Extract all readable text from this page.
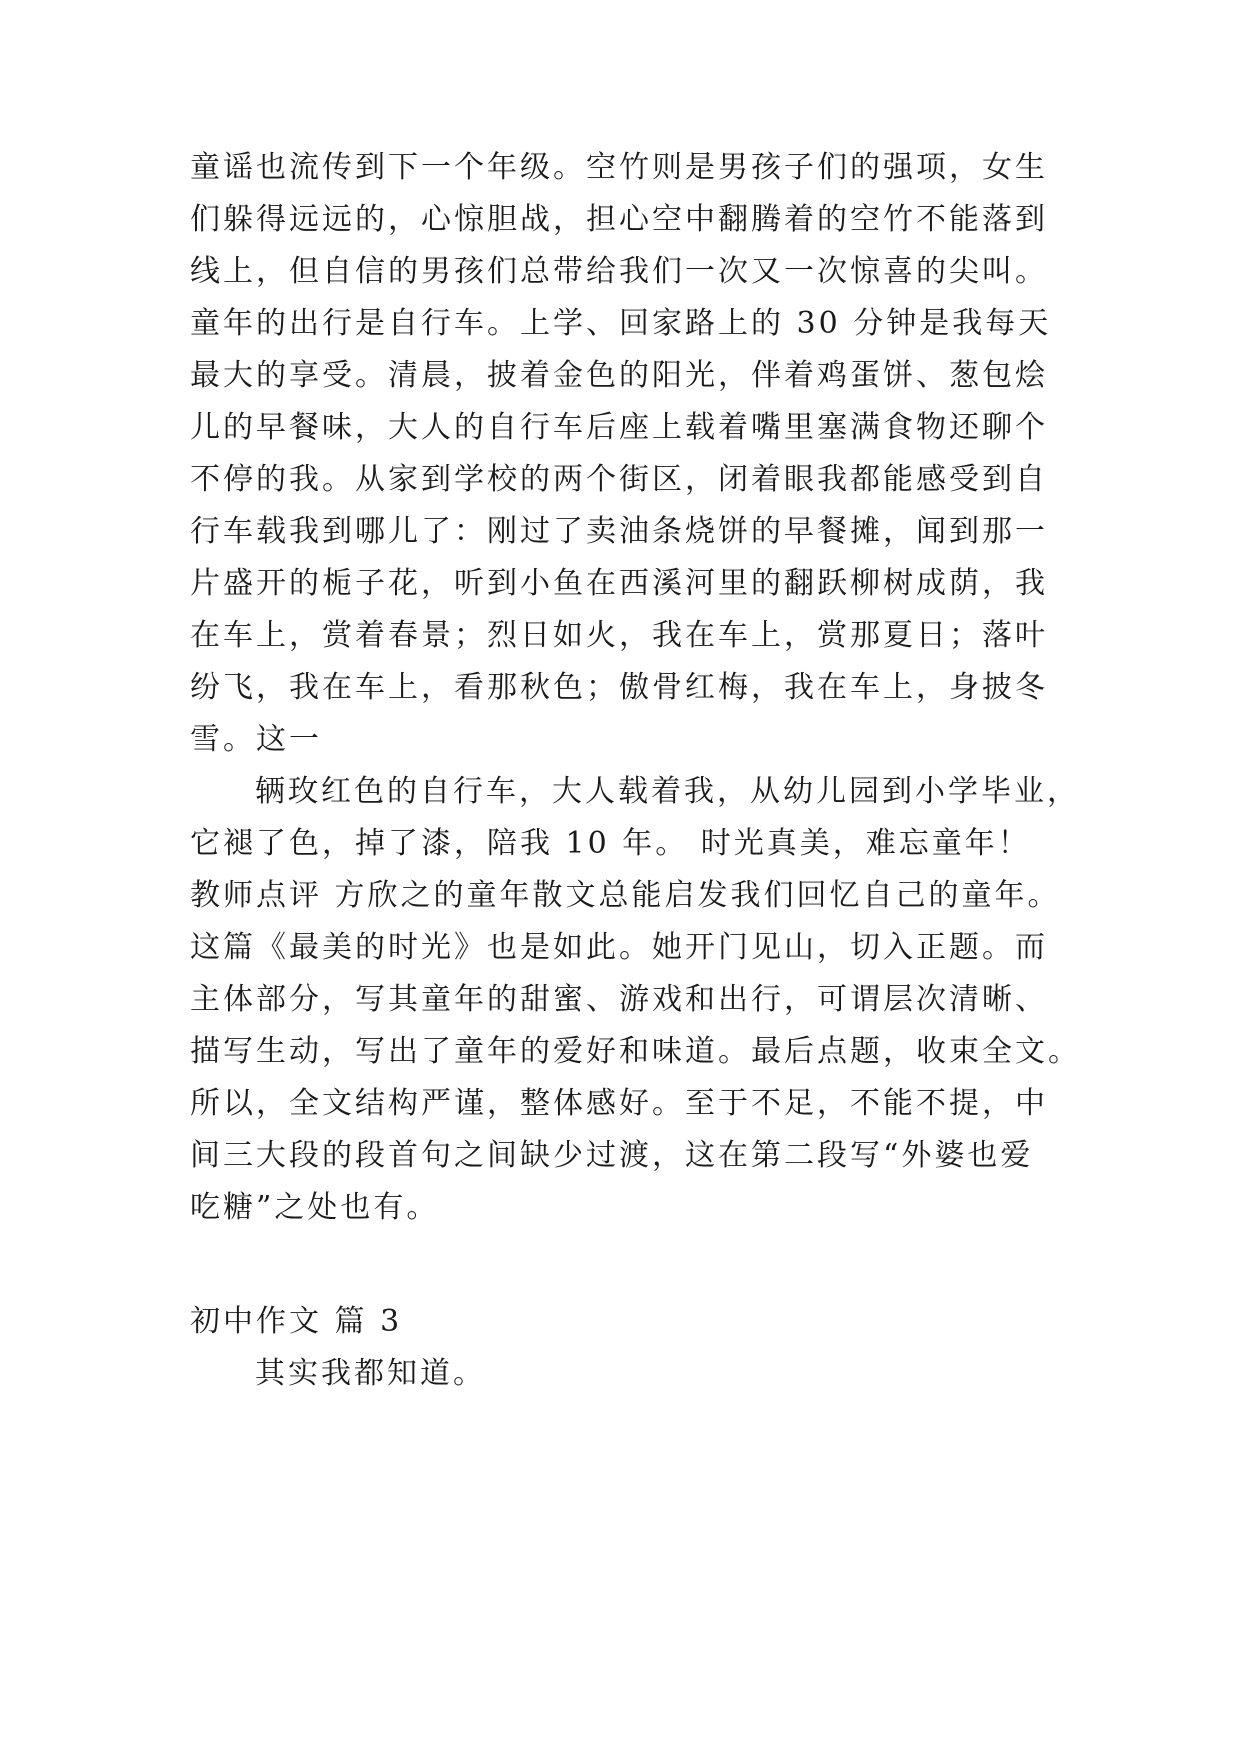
童谣也流传到下一个年级。空竹则是男孩子们的强项，女生
们躲得远远的，心惊胆战，担心空中翻腾着的空竹不能落到
线上，但自信的男孩们总带给我们一次又一次惊喜的尖叫。
童年的出行是自行车。上学、回家路上的 30 分钟是我每天
最大的享受。清晨，披着金色的阳光，伴着鸡蛋饼、葱包烩
儿的早餐味，大人的自行车后座上载着嘴里塞满食物还聊个
不停的我。从家到学校的两个街区，闭着眼我都能感受到自
行车载我到哪儿了：刚过了卖油条烧饼的早餐摊，闻到那一
片盛开的栀子花，听到小鱼在西溪河里的翻跃柳树成荫，我
在车上，赏着春景；烈日如火，我在车上，赏那夏日；落叶
纷飞，我在车上，看那秋色；傲骨红梅，我在车上，身披冬
雪。这一
辆玫红色的自行车，大人载着我，从幼儿园到小学毕业，
它褪了色，掉了漆，陪我 10 年。 时光真美，难忘童年！
教师点评 方欣之的童年散文总能启发我们回忆自己的童年。
这篇《最美的时光》也是如此。她开门见山，切入正题。而
主体部分，写其童年的甜蜜、游戏和出行，可谓层次清晰、
描写生动，写出了童年的爱好和味道。最后点题，收束全文。
所以，全文结构严谨，整体感好。至于不足，不能不提，中
间三大段的段首句之间缺少过渡，这在第二段写“外婆也爱
吃糖”之处也有。
初中作文 篇 3
其实我都知道。
